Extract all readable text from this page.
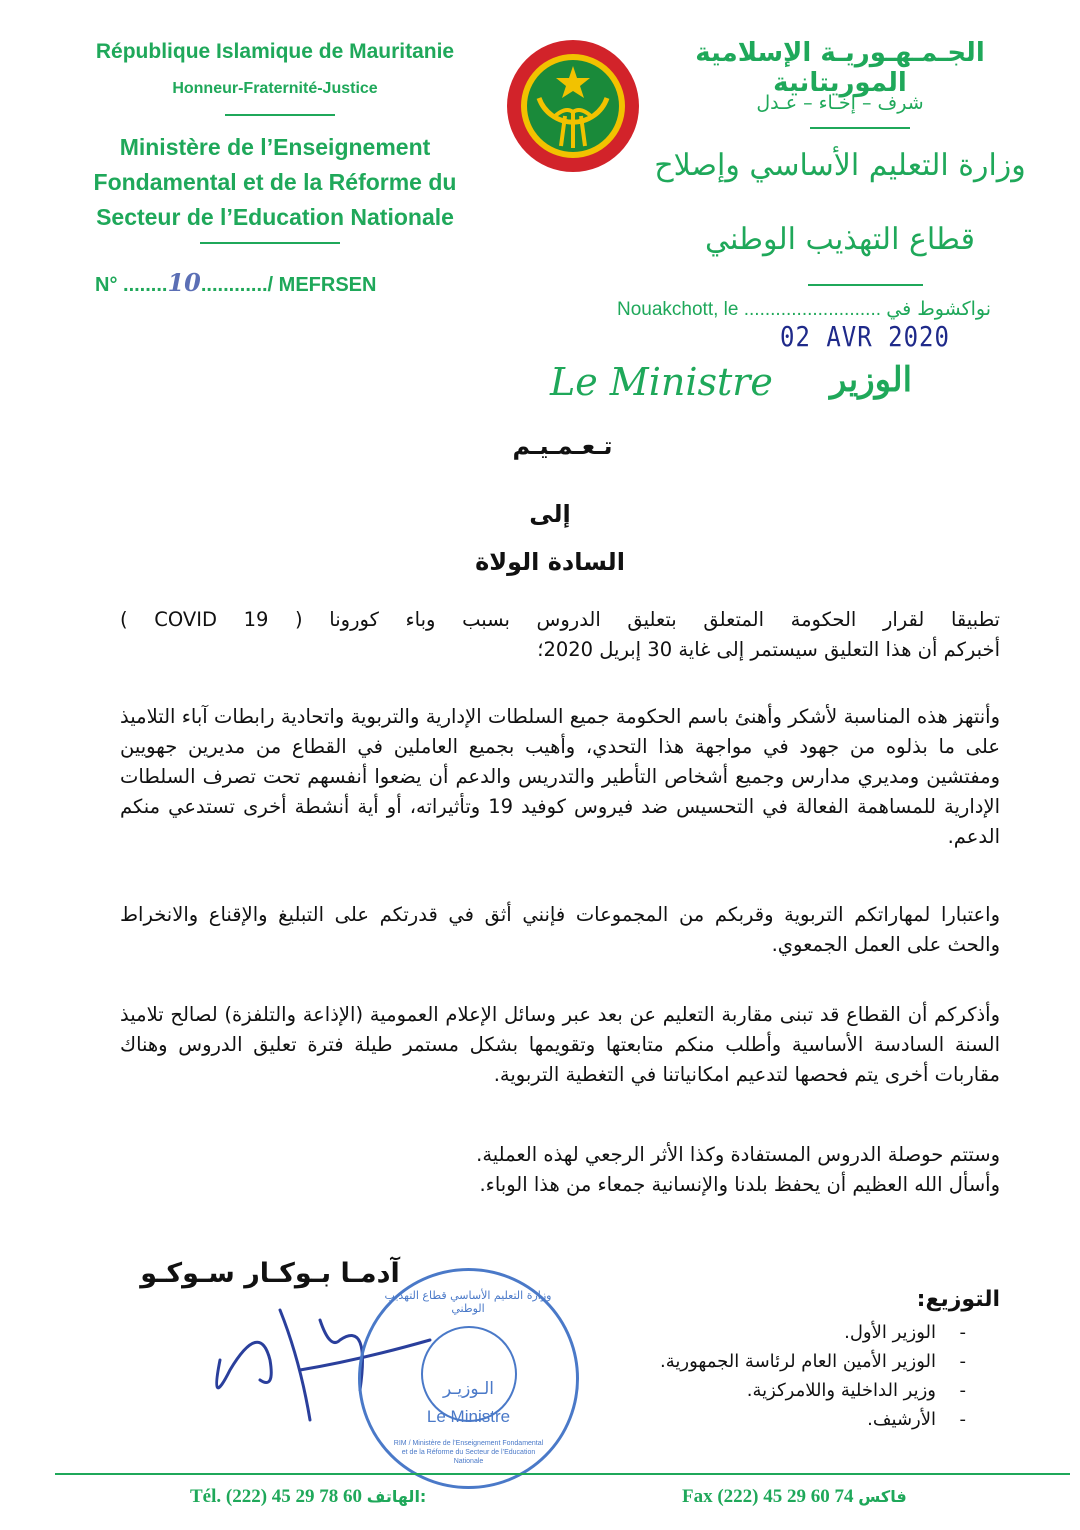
République Islamique de Mauritanie
Honneur-Fraternité-Justice
Ministère de l’Enseignement
Fondamental et de la Réforme du
Secteur de l’Education Nationale
N° ........10............/ MEFRSEN
الجـمـهـوريـة الإسلامية الموريتانية
شرف – إخـاء – عـدل
وزارة التعليم الأساسي وإصلاح
قطاع التهذيب الوطني
Nouakchott, le .......................... نواكشوط في
02 AVR 2020
Le Ministre الوزير
تـعـمـيـم
إلى
السادة الولاة

تطبيقا لقرار الحكومة المتعلق بتعليق الدروس بسبب وباء كورونا ( COVID 19 )

أخبركم أن هذا التعليق سيستمر إلى غاية 30 إبريل 2020؛

وأنتهز هذه المناسبة لأشكر وأهنئ باسم الحكومة جميع السلطات الإدارية والتربوية واتحادية رابطات آباء التلاميذ على ما بذلوه من جهود في مواجهة هذا التحدي، وأهيب بجميع العاملين في القطاع من مديرين جهويين ومفتشين ومديري مدارس وجميع أشخاص التأطير والتدريس والدعم أن يضعوا أنفسهم تحت تصرف السلطات الإدارية للمساهمة الفعالة في التحسيس ضد فيروس كوفيد 19 وتأثيراته، أو أية أنشطة أخرى تستدعي منكم الدعم.
واعتبارا لمهاراتكم التربوية وقربكم من المجموعات فإنني أثق في قدرتكم على التبليغ والإقناع والانخراط والحث على العمل الجمعوي.
وأذكركم أن القطاع قد تبنى مقاربة التعليم عن بعد عبر وسائل الإعلام العمومية (الإذاعة والتلفزة) لصالح تلاميذ السنة السادسة الأساسية وأطلب منكم متابعتها وتقويمها بشكل مستمر طيلة فترة تعليق الدروس وهناك مقاربات أخرى يتم فحصها لتدعيم امكانياتنا في التغطية التربوية.

وستتم حوصلة الدروس المستفادة وكذا الأثر الرجعي لهذه العملية.

وأسأل الله العظيم أن يحفظ بلدنا والإنسانية جمعاء من هذا الوباء.

آدمـا بـوكـار سـوكـو
وزارة التعليم الأساسي قطاع التهذيب الوطني
الـوزيـر
Le Ministre
RIM / Ministère de l’Enseignement Fondamental et de la Réforme du Secteur de l’Education Nationale
التوزيع:
- الوزير الأول.
- الوزير الأمين العام لرئاسة الجمهورية.
- وزير الداخلية واللامركزية.
- الأرشيف.
Tél. (222) 45 29 78 60 الهاتف:	Fax (222) 45 29 60 74 فاكس
